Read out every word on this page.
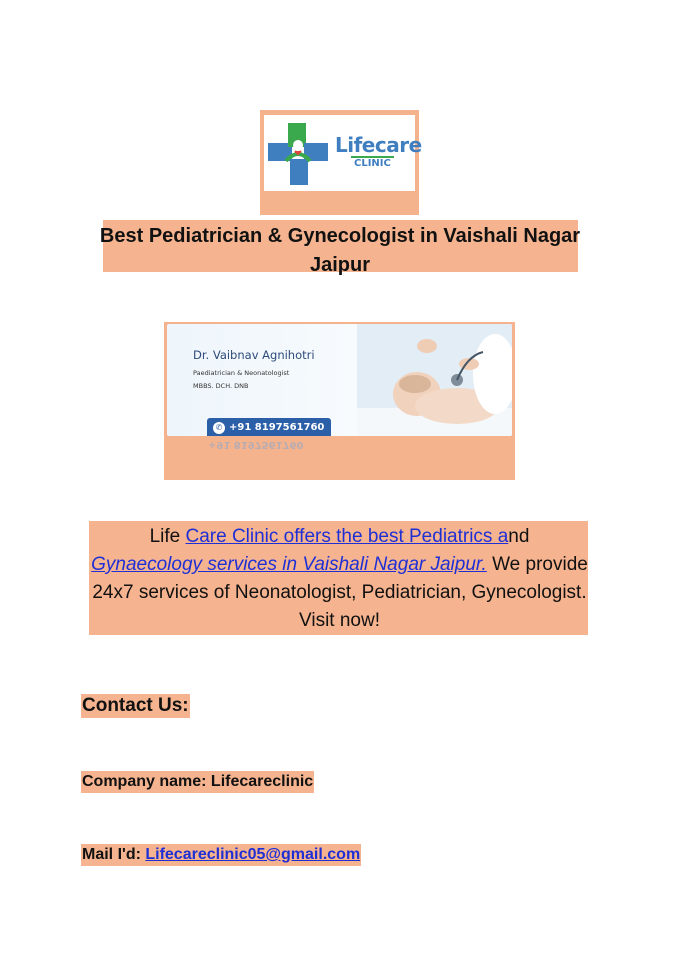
Lifecare
CLINIC
Best Pediatrician & Gynecologist in Vaishali Nagar
Jaipur
Dr. Vaibnav Agnihotri
Paediatrician & Neonatologist
MBBS. DCH. DNB
✆ +91 8197561760
+91 8197561760
Life Care Clinic offers the best Pediatrics and
Gynaecology services in Vaishali Nagar Jaipur. We provide 24x7 services of Neonatologist, Pediatrician, Gynecologist. Visit now!
Contact Us:
Company name: Lifecareclinic
Mail I'd: Lifecareclinic05@gmail.com
